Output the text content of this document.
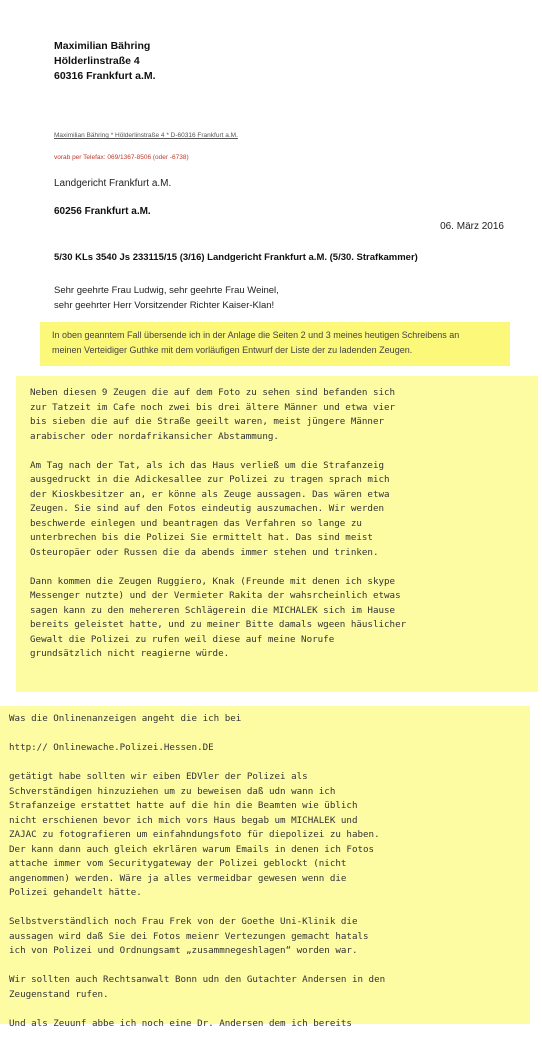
Maximilian Bähring
Hölderlinstraße 4
60316 Frankfurt a.M.
Maximilian Bähring * Hölderlinstraße 4 * D-60316 Frankfurt a.M.
vorab per Telefax: 069/1367-8506 (oder -6738)
Landgericht Frankfurt a.M.
60256 Frankfurt a.M.
06. März 2016
5/30 KLs 3540 Js 233115/15 (3/16) Landgericht Frankfurt a.M. (5/30. Strafkammer)
Sehr geehrte Frau Ludwig, sehr geehrte Frau Weinel,
sehr geehrter Herr Vorsitzender Richter Kaiser-Klan!
In oben geanntem Fall übersende ich in der Anlage die Seiten 2 und 3 meines heutigen Schreibens an
meinen Verteidiger Guthke mit dem vorläufigen Entwurf der Liste der zu ladenden Zeugen.
Neben diesen 9 Zeugen die auf dem Foto zu sehen sind befanden sich
zur Tatzeit im Cafe noch zwei bis drei ältere Männer und etwa vier
bis sieben die auf die Straße geeilt waren, meist jüngere Männer
arabischer oder nordafrikansicher Abstammung.
Am Tag nach der Tat, als ich das Haus verließ um die Strafanzeig
ausgedruckt in die Adickesallee zur Polizei zu tragen sprach mich
der Kioskbesitzer an, er könne als Zeuge aussagen. Das wären etwa
Zeugen. Sie sind auf den Fotos eindeutig auszumachen. Wir werden
beschwerde einlegen und beantragen das Verfahren so lange zu
unterbrechen bis die Polizei Sie ermittelt hat. Das sind meist
Osteuropäer oder Russen die da abends immer stehen und trinken.
Dann kommen die Zeugen Ruggiero, Knak (Freunde mit denen ich skype
Messenger nutzte) und der Vermieter Rakita der wahsrcheinlich etwas
sagen kann zu den mehereren Schlägerein die MICHALEK sich im Hause
bereits geleistet hatte, und zu meiner Bitte damals wgeen häuslicher
Gewalt die Polizei zu rufen weil diese auf meine Norufe
grundsätzlich nicht reagierne würde.
Was die Onlinenanzeigen angeht die ich bei
http:// Onlinewache.Polizei.Hessen.DE
getätigt habe sollten wir eiben EDVler der Polizei als
Schverständigen hinzuziehen um zu beweisen daß udn wann ich
Strafanzeige erstattet hatte auf die hin die Beamten wie üblich
nicht erschienen bevor ich mich vors Haus begab um MICHALEK und
ZAJAC zu fotografieren um einfahndungsfoto für diepolizei zu haben.
Der kann dann auch gleich ekrlären warum Emails in denen ich Fotos
attache immer vom Securitygateway der Polizei geblockt (nicht
angenommen) werden. Wäre ja alles vermeidbar gewesen wenn die
Polizei gehandelt hätte.
Selbstverständlich noch Frau Frek von der Goethe Uni-Klinik die
aussagen wird daß Sie dei Fotos meienr Vertezungen gemacht hatals
ich von Polizei und Ordnungsamt „zusammnegeshlagen“ worden war.
Wir sollten auch Rechtsanwalt Bonn udn den Gutachter Andersen in den
Zeugenstand rufen.
Und als Zeuunf abbe ich noch eine Dr. Andersen dem ich bereits
